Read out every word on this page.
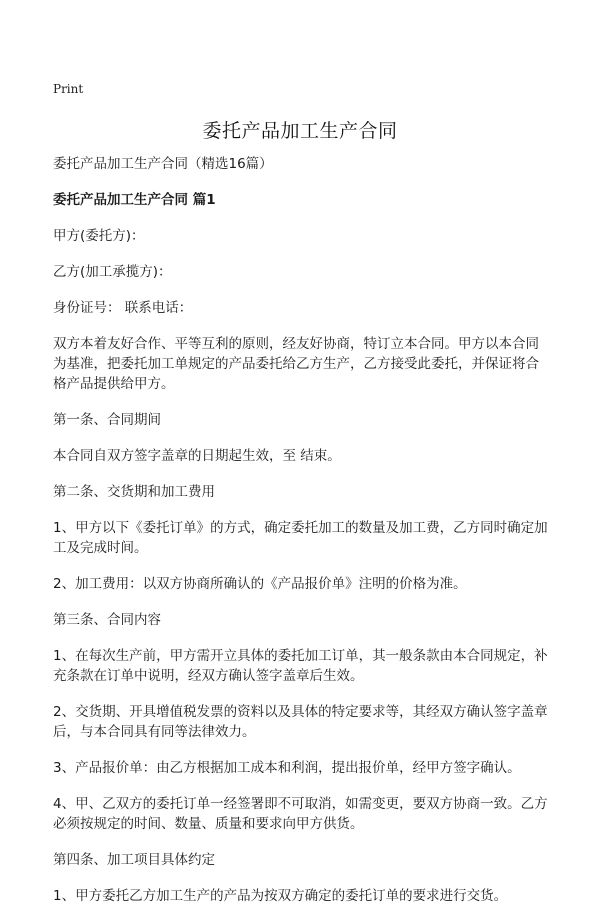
Print
委托产品加工生产合同

委托产品加工生产合同（精选16篇）

委托产品加工生产合同 篇1

甲方(委托方)：

乙方(加工承揽方)：

身份证号： 联系电话：

双方本着友好合作、平等互利的原则，经友好协商，特订立本合同。甲方以本合同为基准，把委托加工单规定的产品委托给乙方生产，乙方接受此委托，并保证将合格产品提供给甲方。

第一条、合同期间

本合同自双方签字盖章的日期起生效，至 结束。

第二条、交货期和加工费用

1、甲方以下《委托订单》的方式，确定委托加工的数量及加工费，乙方同时确定加工及完成时间。

2、加工费用：以双方协商所确认的《产品报价单》注明的价格为准。

第三条、合同内容

1、在每次生产前，甲方需开立具体的委托加工订单，其一般条款由本合同规定，补充条款在订单中说明，经双方确认签字盖章后生效。

2、交货期、开具增值税发票的资料以及具体的特定要求等，其经双方确认签字盖章后，与本合同具有同等法律效力。

3、产品报价单：由乙方根据加工成本和利润，提出报价单，经甲方签字确认。

4、甲、乙双方的委托订单一经签署即不可取消，如需变更，要双方协商一致。乙方必须按规定的时间、数量、质量和要求向甲方供货。

第四条、加工项目具体约定

1、甲方委托乙方加工生产的产品为按双方确定的委托订单的要求进行交货。
